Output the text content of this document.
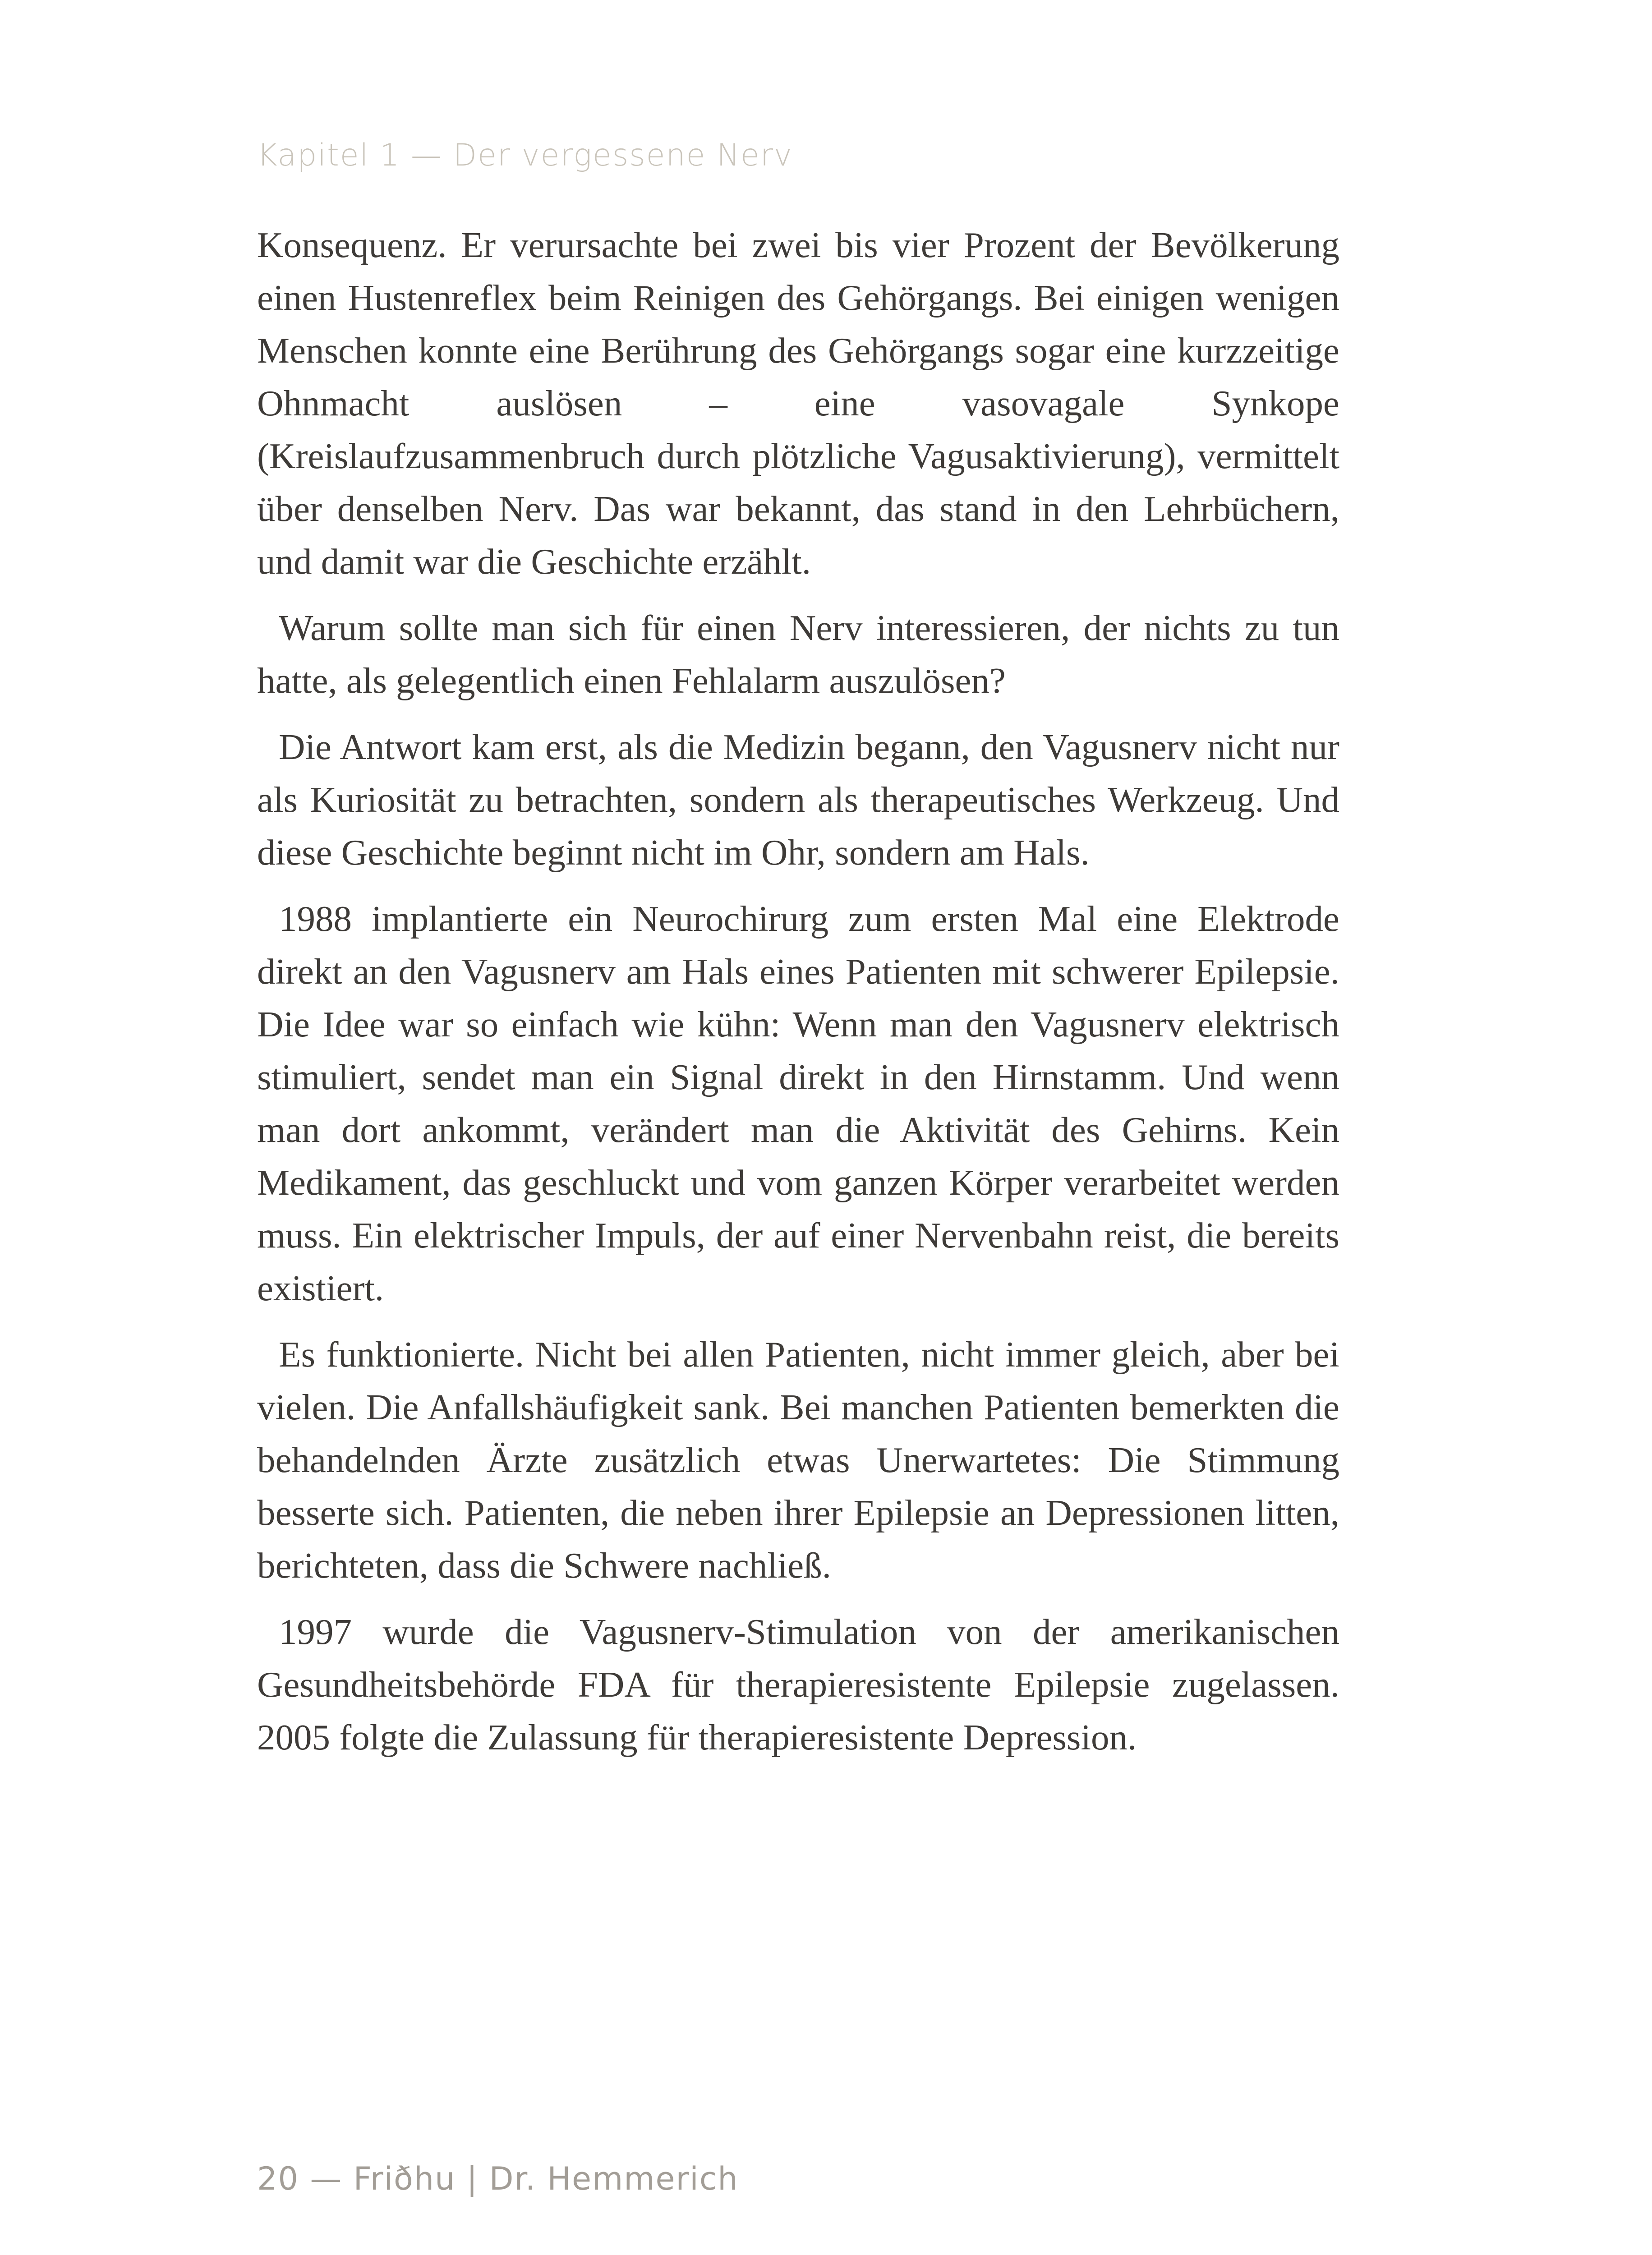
Kapitel 1 — Der vergessene Nerv

Konsequenz. Er verursachte bei zwei bis vier Prozent der Bevölkerung einen Hustenreflex beim Reinigen des Gehörgangs. Bei einigen wenigen Menschen konnte eine Berührung des Gehörgangs sogar eine kurzzeitige Ohnmacht auslösen – eine vasovagale Synkope (Kreislaufzusammenbruch durch plötzliche Vagusaktivierung), vermittelt über denselben Nerv. Das war bekannt, das stand in den Lehrbüchern, und damit war die Geschichte erzählt.

Warum sollte man sich für einen Nerv interessieren, der nichts zu tun hatte, als gelegentlich einen Fehlalarm auszulösen?

Die Antwort kam erst, als die Medizin begann, den Vagusnerv nicht nur als Kuriosität zu betrachten, sondern als therapeutisches Werkzeug. Und diese Geschichte beginnt nicht im Ohr, sondern am Hals.

1988 implantierte ein Neurochirurg zum ersten Mal eine Elektrode direkt an den Vagusnerv am Hals eines Patienten mit schwerer Epilepsie. Die Idee war so einfach wie kühn: Wenn man den Vagusnerv elektrisch stimuliert, sendet man ein Signal direkt in den Hirnstamm. Und wenn man dort ankommt, verändert man die Aktivität des Gehirns. Kein Medikament, das geschluckt und vom ganzen Körper verarbeitet werden muss. Ein elektrischer Impuls, der auf einer Nervenbahn reist, die bereits existiert.

Es funktionierte. Nicht bei allen Patienten, nicht immer gleich, aber bei vielen. Die Anfallshäufigkeit sank. Bei manchen Patienten bemerkten die behandelnden Ärzte zusätzlich etwas Unerwartetes: Die Stimmung besserte sich. Patienten, die neben ihrer Epilepsie an Depressionen litten, berichteten, dass die Schwere nachließ.

1997 wurde die Vagusnerv-Stimulation von der amerikanischen Gesundheitsbehörde FDA für therapieresistente Epilepsie zugelassen. 2005 folgte die Zulassung für therapieresistente Depression.

20 — Friðhu | Dr. Hemmerich
